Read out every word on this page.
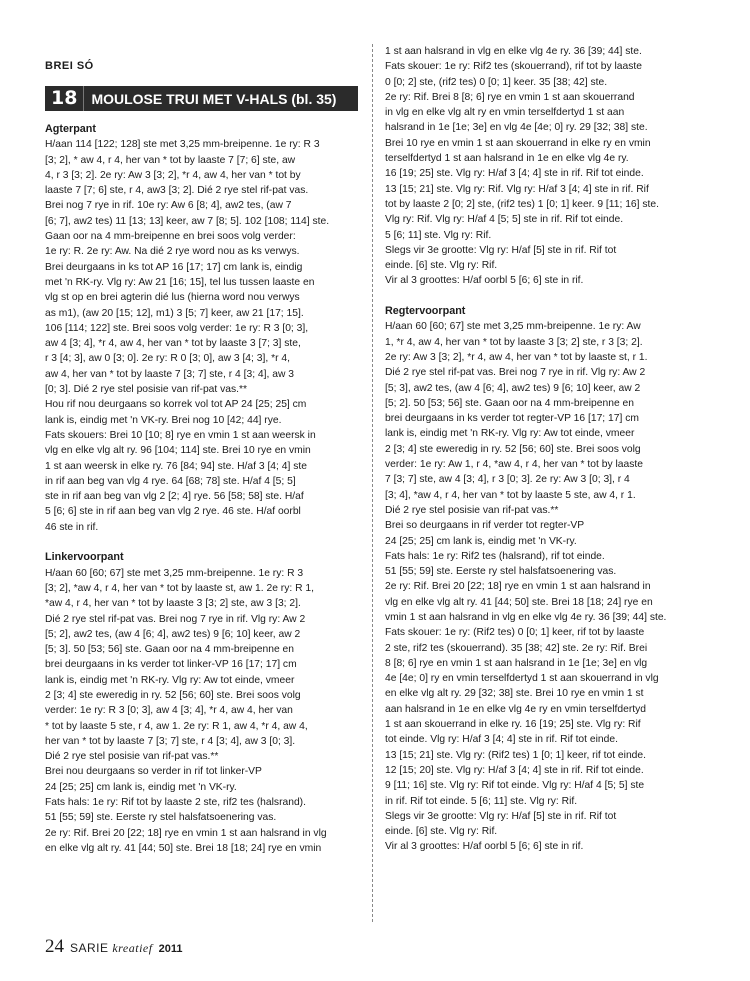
BREI SÓ
18	MOULOSE TRUI MET V-HALS (bl. 35)
Agterpant

H/aan 114 [122; 128] ste met 3,25 mm-breipenne. 1e ry: R 3

[3; 2], * aw 4, r 4, her van * tot by laaste 7 [7; 6] ste, aw

4, r 3 [3; 2]. 2e ry: Aw 3 [3; 2], *r 4, aw 4, her van * tot by

laaste 7 [7; 6] ste, r 4, aw3 [3; 2]. Dié 2 rye stel rif-pat vas.

Brei nog 7 rye in rif. 10e ry: Aw 6 [8; 4], aw2 tes, (aw 7

[6; 7], aw2 tes) 11 [13; 13] keer, aw 7 [8; 5]. 102 [108; 114] ste.

Gaan oor na 4 mm-breipenne en brei soos volg verder:

1e ry: R. 2e ry: Aw. Na dié 2 rye word nou as ks verwys.

Brei deurgaans in ks tot AP 16 [17; 17] cm lank is, eindig

met 'n RK-ry. Vlg ry: Aw 21 [16; 15], tel lus tussen laaste en

vlg st op en brei agterin dié lus (hierna word nou verwys

as m1), (aw 20 [15; 12], m1) 3 [5; 7] keer, aw 21 [17; 15].

106 [114; 122] ste. Brei soos volg verder: 1e ry: R 3 [0; 3],

aw 4 [3; 4], *r 4, aw 4, her van * tot by laaste 3 [7; 3] ste,

r 3 [4; 3], aw 0 [3; 0]. 2e ry: R 0 [3; 0], aw 3 [4; 3], *r 4,

aw 4, her van * tot by laaste 7 [3; 7] ste, r 4 [3; 4], aw 3

[0; 3]. Dié 2 rye stel posisie van rif-pat vas.**

Hou rif nou deurgaans so korrek vol tot AP 24 [25; 25] cm

lank is, eindig met 'n VK-ry. Brei nog 10 [42; 44] rye.

Fats skouers: Brei 10 [10; 8] rye en vmin 1 st aan weersk in

vlg en elke vlg alt ry. 96 [104; 114] ste. Brei 10 rye en vmin

1 st aan weersk in elke ry. 76 [84; 94] ste. H/af 3 [4; 4] ste

in rif aan beg van vlg 4 rye. 64 [68; 78] ste. H/af 4 [5; 5]

ste in rif aan beg van vlg 2 [2; 4] rye. 56 [58; 58] ste. H/af

5 [6; 6] ste in rif aan beg van vlg 2 rye. 46 ste. H/af oorbl

46 ste in rif.

Linkervoorpant

H/aan 60 [60; 67] ste met 3,25 mm-breipenne. 1e ry: R 3

[3; 2], *aw 4, r 4, her van * tot by laaste st, aw 1. 2e ry: R 1,

*aw 4, r 4, her van * tot by laaste 3 [3; 2] ste, aw 3 [3; 2].

Dié 2 rye stel rif-pat vas. Brei nog 7 rye in rif. Vlg ry: Aw 2

[5; 2], aw2 tes, (aw 4 [6; 4], aw2 tes) 9 [6; 10] keer, aw 2

[5; 3]. 50 [53; 56] ste. Gaan oor na 4 mm-breipenne en

brei deurgaans in ks verder tot linker-VP 16 [17; 17] cm

lank is, eindig met 'n RK-ry. Vlg ry: Aw tot einde, vmeer

2 [3; 4] ste eweredig in ry. 52 [56; 60] ste. Brei soos volg

verder: 1e ry: R 3 [0; 3], aw 4 [3; 4], *r 4, aw 4, her van

* tot by laaste 5 ste, r 4, aw 1. 2e ry: R 1, aw 4, *r 4, aw 4,

her van * tot by laaste 7 [3; 7] ste, r 4 [3; 4], aw 3 [0; 3].

Dié 2 rye stel posisie van rif-pat vas.**

Brei nou deurgaans so verder in rif tot linker-VP

24 [25; 25] cm lank is, eindig met 'n VK-ry.

Fats hals: 1e ry: Rif tot by laaste 2 ste, rif2 tes (halsrand).

51 [55; 59] ste. Eerste ry stel halsfatsoenering vas.

2e ry: Rif. Brei 20 [22; 18] rye en vmin 1 st aan halsrand in vlg

en elke vlg alt ry. 41 [44; 50] ste. Brei 18 [18; 24] rye en vmin

1 st aan halsrand in vlg en elke vlg 4e ry. 36 [39; 44] ste.

Fats skouer: 1e ry: Rif2 tes (skouerrand), rif tot by laaste

0 [0; 2] ste, (rif2 tes) 0 [0; 1] keer. 35 [38; 42] ste.

2e ry: Rif. Brei 8 [8; 6] rye en vmin 1 st aan skouerrand

in vlg en elke vlg alt ry en vmin terselfdertyd 1 st aan

halsrand in 1e [1e; 3e] en vlg 4e [4e; 0] ry. 29 [32; 38] ste.

Brei 10 rye en vmin 1 st aan skouerrand in elke ry en vmin

terselfdertyd 1 st aan halsrand in 1e en elke vlg 4e ry.

16 [19; 25] ste. Vlg ry: H/af 3 [4; 4] ste in rif. Rif tot einde.

13 [15; 21] ste. Vlg ry: Rif. Vlg ry: H/af 3 [4; 4] ste in rif. Rif

tot by laaste 2 [0; 2] ste, (rif2 tes) 1 [0; 1] keer. 9 [11; 16] ste.

Vlg ry: Rif. Vlg ry: H/af 4 [5; 5] ste in rif. Rif tot einde.

5 [6; 11] ste. Vlg ry: Rif.

Slegs vir 3e grootte: Vlg ry: H/af [5] ste in rif. Rif tot

einde. [6] ste. Vlg ry: Rif.

Vir al 3 groottes: H/af oorbl 5 [6; 6] ste in rif.

Regtervoorpant

H/aan 60 [60; 67] ste met 3,25 mm-breipenne. 1e ry: Aw

1, *r 4, aw 4, her van * tot by laaste 3 [3; 2] ste, r 3 [3; 2].

2e ry: Aw 3 [3; 2], *r 4, aw 4, her van * tot by laaste st, r 1.

Dié 2 rye stel rif-pat vas. Brei nog 7 rye in rif. Vlg ry: Aw 2

[5; 3], aw2 tes, (aw 4 [6; 4], aw2 tes) 9 [6; 10] keer, aw 2

[5; 2]. 50 [53; 56] ste. Gaan oor na 4 mm-breipenne en

brei deurgaans in ks verder tot regter-VP 16 [17; 17] cm

lank is, eindig met 'n RK-ry. Vlg ry: Aw tot einde, vmeer

2 [3; 4] ste eweredig in ry. 52 [56; 60] ste. Brei soos volg

verder: 1e ry: Aw 1, r 4, *aw 4, r 4, her van * tot by laaste

7 [3; 7] ste, aw 4 [3; 4], r 3 [0; 3]. 2e ry: Aw 3 [0; 3], r 4

[3; 4], *aw 4, r 4, her van * tot by laaste 5 ste, aw 4, r 1.

Dié 2 rye stel posisie van rif-pat vas.**

Brei so deurgaans in rif verder tot regter-VP

24 [25; 25] cm lank is, eindig met 'n VK-ry.

Fats hals: 1e ry: Rif2 tes (halsrand), rif tot einde.

51 [55; 59] ste. Eerste ry stel halsfatsoenering vas.

2e ry: Rif. Brei 20 [22; 18] rye en vmin 1 st aan halsrand in

vlg en elke vlg alt ry. 41 [44; 50] ste. Brei 18 [18; 24] rye en

vmin 1 st aan halsrand in vlg en elke vlg 4e ry. 36 [39; 44] ste.

Fats skouer: 1e ry: (Rif2 tes) 0 [0; 1] keer, rif tot by laaste

2 ste, rif2 tes (skouerrand). 35 [38; 42] ste. 2e ry: Rif. Brei

8 [8; 6] rye en vmin 1 st aan halsrand in 1e [1e; 3e] en vlg

4e [4e; 0] ry en vmin terselfdertyd 1 st aan skouerrand in vlg

en elke vlg alt ry. 29 [32; 38] ste. Brei 10 rye en vmin 1 st

aan halsrand in 1e en elke vlg 4e ry en vmin terselfdertyd

1 st aan skouerrand in elke ry. 16 [19; 25] ste. Vlg ry: Rif

tot einde. Vlg ry: H/af 3 [4; 4] ste in rif. Rif tot einde.

13 [15; 21] ste. Vlg ry: (Rif2 tes) 1 [0; 1] keer, rif tot einde.

12 [15; 20] ste. Vlg ry: H/af 3 [4; 4] ste in rif. Rif tot einde.

9 [11; 16] ste. Vlg ry: Rif tot einde. Vlg ry: H/af 4 [5; 5] ste

in rif. Rif tot einde. 5 [6; 11] ste. Vlg ry: Rif.

Slegs vir 3e grootte: Vlg ry: H/af [5] ste in rif. Rif tot

einde. [6] ste. Vlg ry: Rif.

Vir al 3 groottes: H/af oorbl 5 [6; 6] ste in rif.

24 SARIE kreatief 2011
